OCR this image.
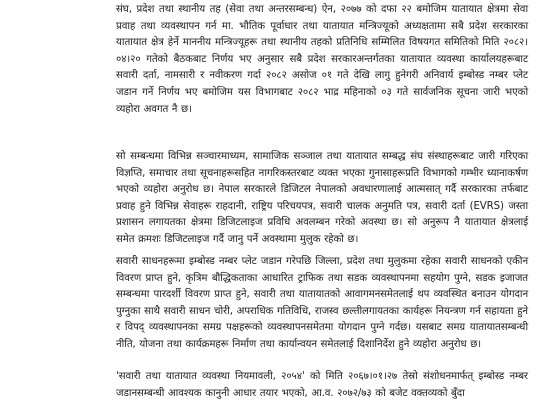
संघ, प्रदेश तथा स्थानीय तह (सेवा तथा अन्तरसम्बन्ध) ऐन, २०७७ को दफा २२ बमोजिम यातायात क्षेत्रमा सेवा प्रवाह तथा व्यवस्थापन गर्न मा. भौतिक पूर्वाधार तथा यातायात मन्त्रिज्यूको अध्यक्षतामा सबै प्रदेश सरकारका यातायात क्षेत्र हेर्ने माननीय मन्त्रिज्यूहरू तथा स्थानीय तहको प्रतिनिधि सम्मिलित विषयगत समितिको मिति २०८२।०४।२० गतेको बैठकबाट निर्णय भए अनुसार सबै प्रदेश सरकारअन्तर्गतका यातायात व्यवस्था कार्यालयहरूबाट सवारी दर्ता, नामसारी र नवीकरण गर्दा २०८२ असोज ०१ गते देखि लागु हुनेगरी अनिवार्य इम्बोस्ड नम्बर प्लेट जडान गर्ने निर्णय भए बमोजिम यस विभागबाट २०८२ भाद्र महिनाको ०३ गते सार्वजनिक सूचना जारी भएको व्यहोरा अवगत नै छ।

सो सम्बन्धमा विभिन्न सञ्चारमाध्यम, सामाजिक सञ्जाल तथा यातायात सम्बद्ध संघ संस्थाहरूबाट जारी गरिएका विज्ञप्ति, समाचार तथा सूचनाहरूसहित नागरिकस्तरबाट व्यक्त भएका गुनासाहरूप्रति विभागको गम्भीर ध्यानाकर्षण भएको व्यहोरा अनुरोध छ। नेपाल सरकारले डिजिटल नेपालको अवधारणालाई आत्मसात् गर्दै सरकारका तर्फबाट प्रवाह हुने विभिन्न सेवाहरू राहदानी, राष्ट्रिय परिचयपत्र, सवारी चालक अनुमति पत्र, सवारी दर्ता (EVRS) जस्ता प्रशासन लगायतका क्षेत्रमा डिजिटलाइज प्रविधि अवलम्बन गरेको अवस्था छ। सो अनुरूप नै यातायात क्षेत्रलाई समेत क्रमशः डिजिटलाइज गर्दै जानु पर्ने अवस्थामा मुलुक रहेको छ।

सवारी साधनहरूमा इम्बोस्ड नम्बर प्लेट जडान गरेपछि जिल्ला, प्रदेश तथा मुलुकमा रहेका सवारी साधनको एकीन विवरण प्राप्त हुने, कृत्रिम बौद्धिकताका आधारित ट्राफिक तथा सडक व्यवस्थापनमा सहयोग पुग्ने, सडक इजाजत सम्बन्धमा पारदर्शी विवरण प्राप्त हुने, सवारी तथा यातायातको आवागमनसमेतलाई थप व्यवस्थित बनाउन योगदान पुग्नुका साथै सवारी साधन चोरी, अपराधिक गतिविधि, राजस्व छल्तीलगायतका कार्यहरू नियन्त्रण गर्न सहायता हुने र विपद् व्यवस्थापनका समग्र पक्षहरूको व्यवस्थापनसमेतमा योगदान पुग्ने गर्दछ। यसबाट समग्र यातायातसम्बन्धी नीति, योजना तथा कार्यक्रमहरू निर्माण तथा कार्यान्वयन समेतलाई दिशानिर्देश हुने व्यहोरा अनुरोध छ।

'सवारी तथा यातायात व्यवस्था नियमावली, २०५४' को मिति २०६७।०१।२७ तेस्रो संशोधनमार्फत् इम्बोस्ड नम्बर जडानसम्बन्धी आवश्यक कानुनी आधार तयार भएको, आ.व. २०७२/७३ को बजेट वक्तव्यको बुँदा
